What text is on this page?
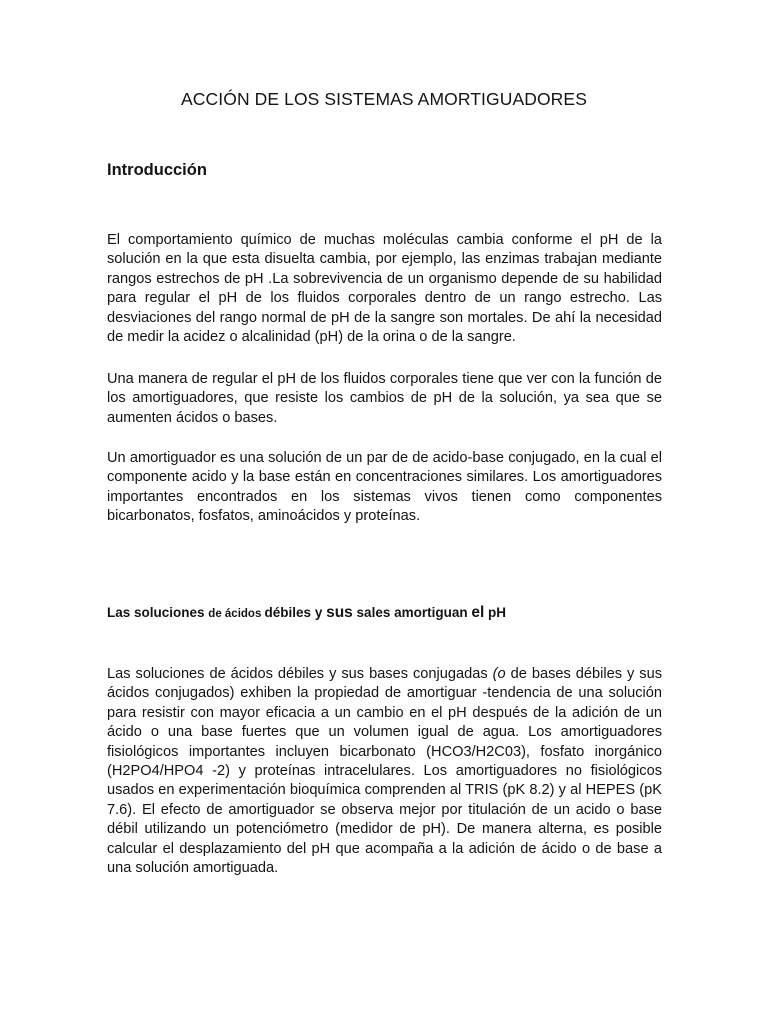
ACCIÓN DE LOS SISTEMAS AMORTIGUADORES
Introducción

El comportamiento químico de muchas moléculas cambia conforme el pH de la solución en la que esta disuelta cambia, por ejemplo, las enzimas trabajan mediante rangos estrechos de pH .La sobrevivencia de un organismo depende de su habilidad para regular el pH de los fluidos corporales dentro de un rango estrecho. Las desviaciones del rango normal de pH de la sangre son mortales. De ahí la necesidad de medir la acidez o alcalinidad (pH) de la orina o de la sangre.

Una manera de regular el pH de los fluidos corporales tiene que ver con la función de los amortiguadores, que resiste los cambios de pH de la solución, ya sea que se aumenten ácidos o bases.

Un amortiguador es una solución de un par de de acido-base conjugado, en la cual el componente acido y la base están en concentraciones similares. Los amortiguadores importantes encontrados en los sistemas vivos tienen como componentes bicarbonatos, fosfatos, aminoácidos y proteínas.

Las soluciones de ácidos débiles y sus sales amortiguan el pH

Las soluciones de ácidos débiles y sus bases conjugadas (o de bases débiles y sus ácidos conjugados) exhiben la propiedad de amortiguar -tendencia de una solución para resistir con mayor eficacia a un cambio en el pH después de la adición de un ácido o una base fuertes que un volumen igual de agua. Los amortiguadores fisiológicos importantes incluyen bicarbonato (HCO3/H2C03), fosfato inorgánico (H2PO4/HPO4 -2) y proteínas intracelulares. Los amortiguadores no fisiológicos usados en experimentación bioquímica comprenden al TRIS (pK 8.2) y al HEPES (pK 7.6). El efecto de amortiguador se observa mejor por titulación de un acido o base débil utilizando un potenciómetro (medidor de pH). De manera alterna, es posible calcular el desplazamiento del pH que acompaña a la adición de ácido o de base a una solución amortiguada.
